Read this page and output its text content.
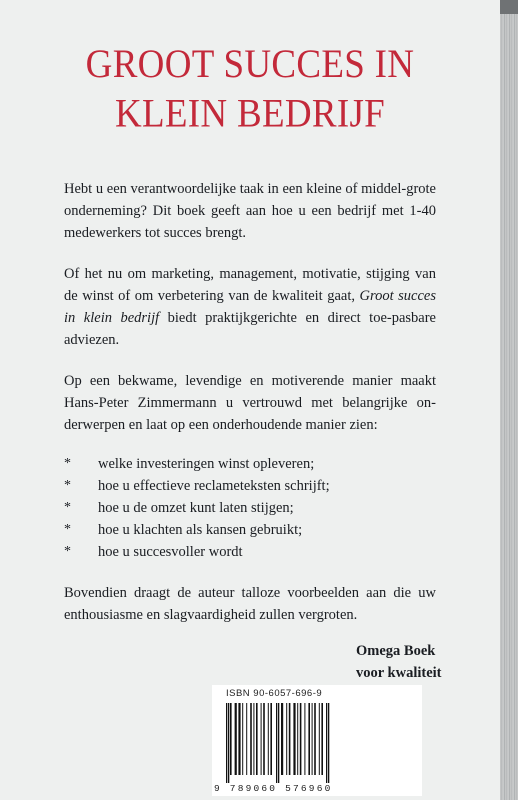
GROOT SUCCES IN
KLEIN BEDRIJF

Hebt u een verantwoordelijke taak in een kleine of middel-grote onderneming? Dit boek geeft aan hoe u een bedrijf met 1-40 medewerkers tot succes brengt.

Of het nu om marketing, management, motivatie, stijging van de winst of om verbetering van de kwaliteit gaat, Groot succes in klein bedrijf biedt praktijkgerichte en direct toe-pasbare adviezen.

Op een bekwame, levendige en motiverende manier maakt Hans-Peter Zimmermann u vertrouwd met belangrijke on-derwerpen en laat op een onderhoudende manier zien:

* welke investeringen winst opleveren;
* hoe u effectieve reclameteksten schrijft;
* hoe u de omzet kunt laten stijgen;
* hoe u klachten als kansen gebruikt;
* hoe u succesvoller wordt

Bovendien draagt de auteur talloze voorbeelden aan die uw enthousiasme en slagvaardigheid zullen vergroten.

Omega Boek
voor kwaliteit
ISBN 90-6057-696-9
9 789060 576960
